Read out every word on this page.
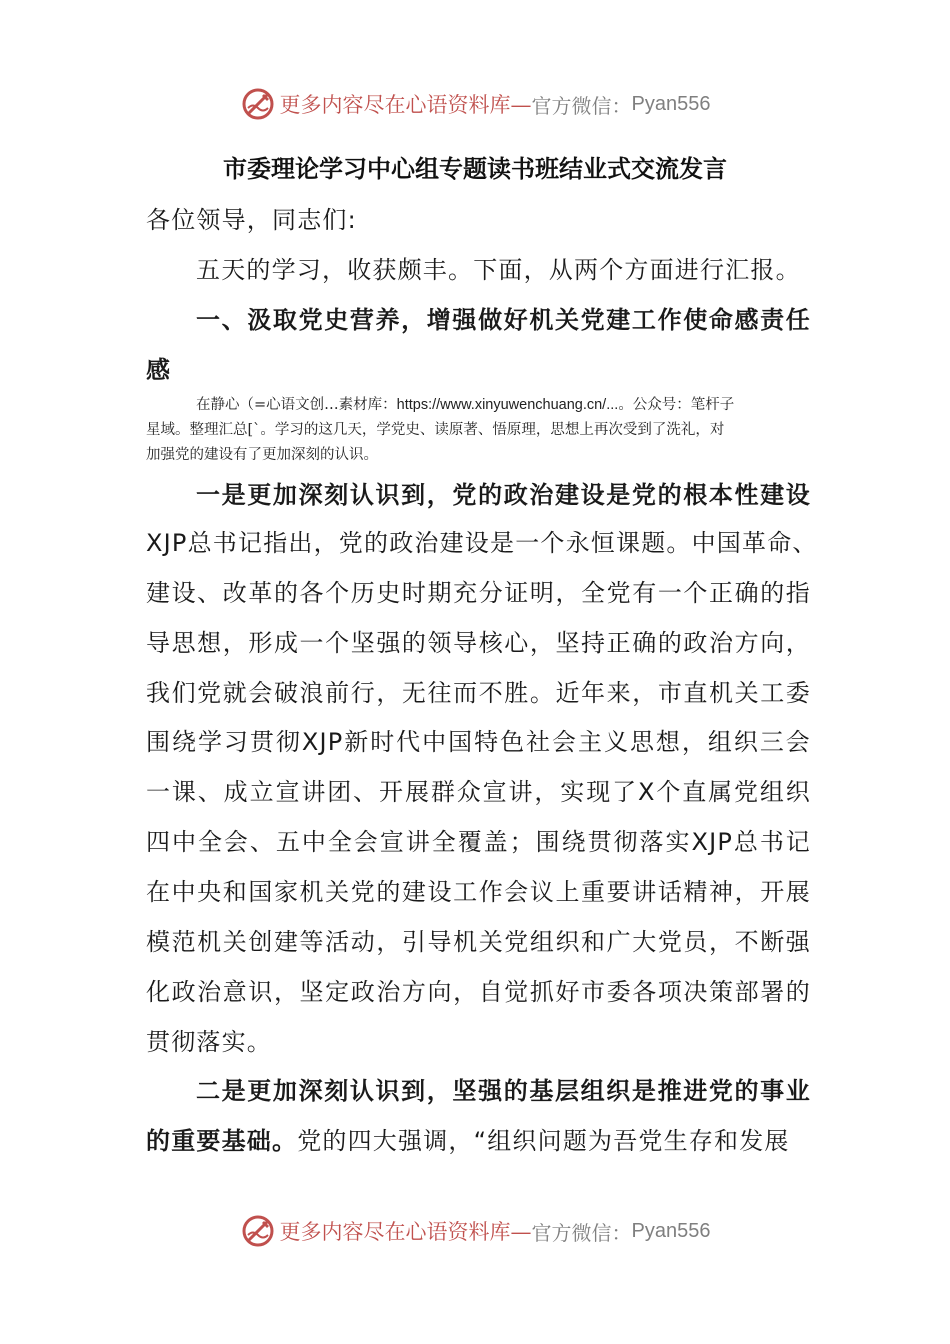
更多内容尽在心语资料库— 官方微信： Pyan556
市委理论学习中心组专题读书班结业式交流发言
各位领导，同志们:
五天的学习，收获颇丰。下面，从两个方面进行汇报。
一、汲取党史营养，增强做好机关党建工作使命感责任
感
在静心（=心语文创…素材库：https://www.xinyuwenchuang.cn/...。公众号：笔杆子
星域。整理汇总[`。学习的这几天，学党史、读原著、悟原理，思想上再次受到了洗礼，对
加强党的建设有了更加深刻的认识。
一是更加深刻认识到，党的政治建设是党的根本性建设
XJP总书记指出，党的政治建设是一个永恒课题。中国革命、
建设、改革的各个历史时期充分证明，全党有一个正确的指
导思想，形成一个坚强的领导核心，坚持正确的政治方向，
我们党就会破浪前行，无往而不胜。近年来，市直机关工委
围绕学习贯彻XJP新时代中国特色社会主义思想，组织三会
一课、成立宣讲团、开展群众宣讲，实现了X个直属党组织
四中全会、五中全会宣讲全覆盖；围绕贯彻落实XJP总书记
在中央和国家机关党的建设工作会议上重要讲话精神，开展
模范机关创建等活动，引导机关党组织和广大党员，不断强
化政治意识，坚定政治方向，自觉抓好市委各项决策部署的
贯彻落实。
二是更加深刻认识到，坚强的基层组织是推进党的事业
的重要基础。党的四大强调，“组织问题为吾党生存和发展
更多内容尽在心语资料库— 官方微信： Pyan556
